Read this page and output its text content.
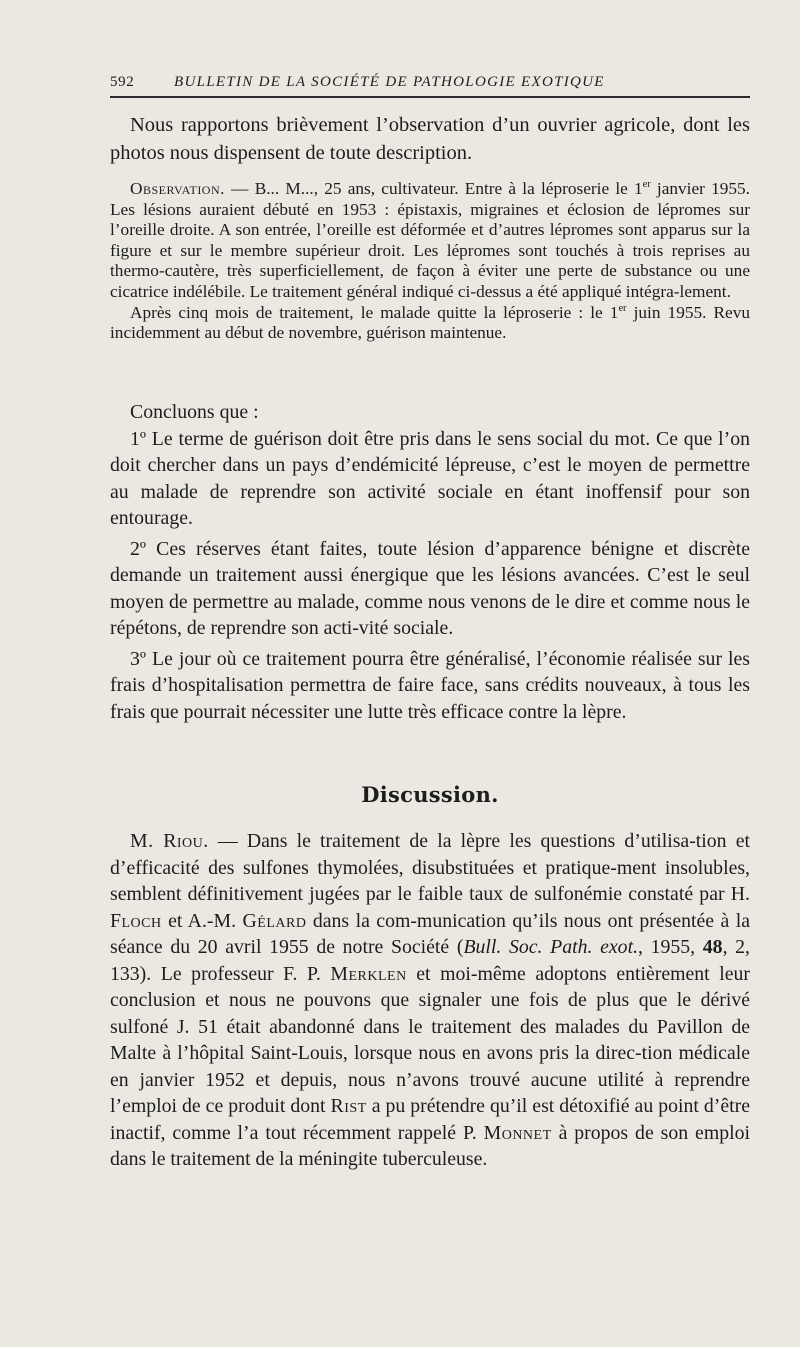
592	BULLETIN DE LA SOCIÉTÉ DE PATHOLOGIE EXOTIQUE

Nous rapportons brièvement l’observation d’un ouvrier agricole, dont les photos nous dispensent de toute description.

Observation. — B... M..., 25 ans, cultivateur. Entre à la léproserie le 1er janvier 1955. Les lésions auraient débuté en 1953 : épistaxis, migraines et éclosion de lépromes sur l’oreille droite. A son entrée, l’oreille est déformée et d’autres lépromes sont apparus sur la figure et sur le membre supérieur droit. Les lépromes sont touchés à trois reprises au thermo-cautère, très superficiellement, de façon à éviter une perte de substance ou une cicatrice indélébile. Le traitement général indiqué ci-dessus a été appliqué intégra-lement.

Après cinq mois de traitement, le malade quitte la léproserie : le 1er juin 1955. Revu incidemment au début de novembre, guérison maintenue.

Concluons que :

1º Le terme de guérison doit être pris dans le sens social du mot. Ce que l’on doit chercher dans un pays d’endémicité lépreuse, c’est le moyen de permettre au malade de reprendre son activité sociale en étant inoffensif pour son entourage.

2º Ces réserves étant faites, toute lésion d’apparence bénigne et discrète demande un traitement aussi énergique que les lésions avancées. C’est le seul moyen de permettre au malade, comme nous venons de le dire et comme nous le répétons, de reprendre son acti-vité sociale.

3º Le jour où ce traitement pourra être généralisé, l’économie réalisée sur les frais d’hospitalisation permettra de faire face, sans crédits nouveaux, à tous les frais que pourrait nécessiter une lutte très efficace contre la lèpre.

Discussion.

M. Riou. — Dans le traitement de la lèpre les questions d’utilisa-tion et d’efficacité des sulfones thymolées, disubstituées et pratique-ment insolubles, semblent définitivement jugées par le faible taux de sulfonémie constaté par H. Floch et A.-M. Gélard dans la com-munication qu’ils nous ont présentée à la séance du 20 avril 1955 de notre Société (Bull. Soc. Path. exot., 1955, 48, 2, 133). Le professeur F. P. Merklen et moi-même adoptons entièrement leur conclusion et nous ne pouvons que signaler une fois de plus que le dérivé sulfoné J. 51 était abandonné dans le traitement des malades du Pavillon de Malte à l’hôpital Saint-Louis, lorsque nous en avons pris la direc-tion médicale en janvier 1952 et depuis, nous n’avons trouvé aucune utilité à reprendre l’emploi de ce produit dont Rist a pu prétendre qu’il est détoxifié au point d’être inactif, comme l’a tout récemment rappelé P. Monnet à propos de son emploi dans le traitement de la méningite tuberculeuse.
